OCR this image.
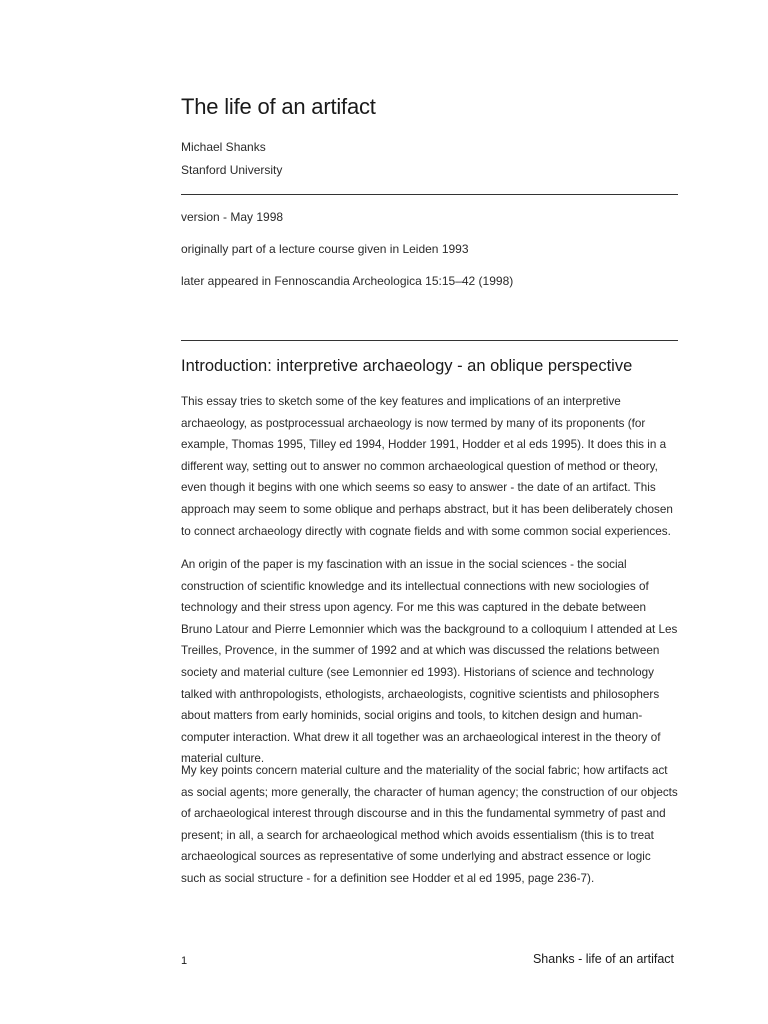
The life of an artifact
Michael Shanks
Stanford University
version - May 1998
originally part of a lecture course given in Leiden 1993
later appeared in Fennoscandia Archeologica 15:15–42 (1998)
Introduction: interpretive archaeology - an oblique perspective

This essay tries to sketch some of the key features and implications of an interpretive archaeology, as postprocessual archaeology is now termed by many of its proponents (for example, Thomas 1995, Tilley ed 1994, Hodder 1991, Hodder et al eds 1995). It does this in a different way, setting out to answer no common archaeological question of method or theory, even though it begins with one which seems so easy to answer - the date of an artifact. This approach may seem to some oblique and perhaps abstract, but it has been deliberately chosen to connect archaeology directly with cognate fields and with some common social experiences.

An origin of the paper is my fascination with an issue in the social sciences - the social construction of scientific knowledge and its intellectual connections with new sociologies of technology and their stress upon agency. For me this was captured in the debate between Bruno Latour and Pierre Lemonnier which was the background to a colloquium I attended at Les Treilles, Provence, in the summer of 1992 and at which was discussed the relations between society and material culture (see Lemonnier ed 1993). Historians of science and technology talked with anthropologists, ethologists, archaeologists, cognitive scientists and philosophers about matters from early hominids, social origins and tools, to kitchen design and human-computer interaction. What drew it all together was an archaeological interest in the theory of material culture.

My key points concern material culture and the materiality of the social fabric; how artifacts act as social agents; more generally, the character of human agency; the construction of our objects of archaeological interest through discourse and in this the fundamental symmetry of past and present; in all, a search for archaeological method which avoids essentialism (this is to treat archaeological sources as representative of some underlying and abstract essence or logic such as social structure - for a definition see Hodder et al ed 1995, page 236-7).

1	Shanks - life of an artifact
